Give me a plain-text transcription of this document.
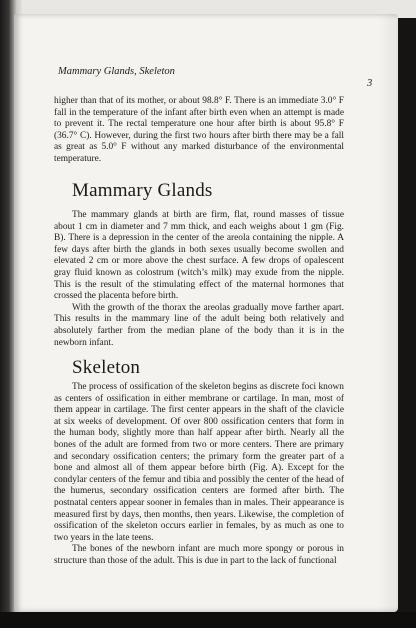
Mammary Glands, Skeleton
3

higher than that of its mother, or about 98.8° F. There is an immediate 3.0° F fall in the temperature of the infant after birth even when an attempt is made to prevent it. The rectal temperature one hour after birth is about 95.8° F (36.7° C). However, during the first two hours after birth there may be a fall as great as 5.0° F without any marked disturbance of the environmental temperature.

Mammary Glands

The mammary glands at birth are firm, flat, round masses of tissue about 1 cm in diameter and 7 mm thick, and each weighs about 1 gm (Fig. B). There is a depression in the center of the areola containing the nipple. A few days after birth the glands in both sexes usually become swollen and elevated 2 cm or more above the chest surface. A few drops of opalescent gray fluid known as colostrum (witch’s milk) may exude from the nipple. This is the result of the stimulating effect of the maternal hormones that crossed the placenta before birth.

With the growth of the thorax the areolas gradually move farther apart. This results in the mammary line of the adult being both relatively and absolutely farther from the median plane of the body than it is in the newborn infant.

Skeleton

The process of ossification of the skeleton begins as discrete foci known as centers of ossification in either membrane or cartilage. In man, most of them appear in cartilage. The first center appears in the shaft of the clavicle at six weeks of development. Of over 800 ossification centers that form in the human body, slightly more than half appear after birth. Nearly all the bones of the adult are formed from two or more centers. There are primary and secondary ossification centers; the primary form the greater part of a bone and almost all of them appear before birth (Fig. A). Except for the condylar centers of the femur and tibia and possibly the center of the head of the humerus, secondary ossification centers are formed after birth. The postnatal centers appear sooner in females than in males. Their appearance is measured first by days, then months, then years. Likewise, the completion of ossification of the skeleton occurs earlier in females, by as much as one to two years in the late teens.

The bones of the newborn infant are much more spongy or porous in structure than those of the adult. This is due in part to the lack of functional
